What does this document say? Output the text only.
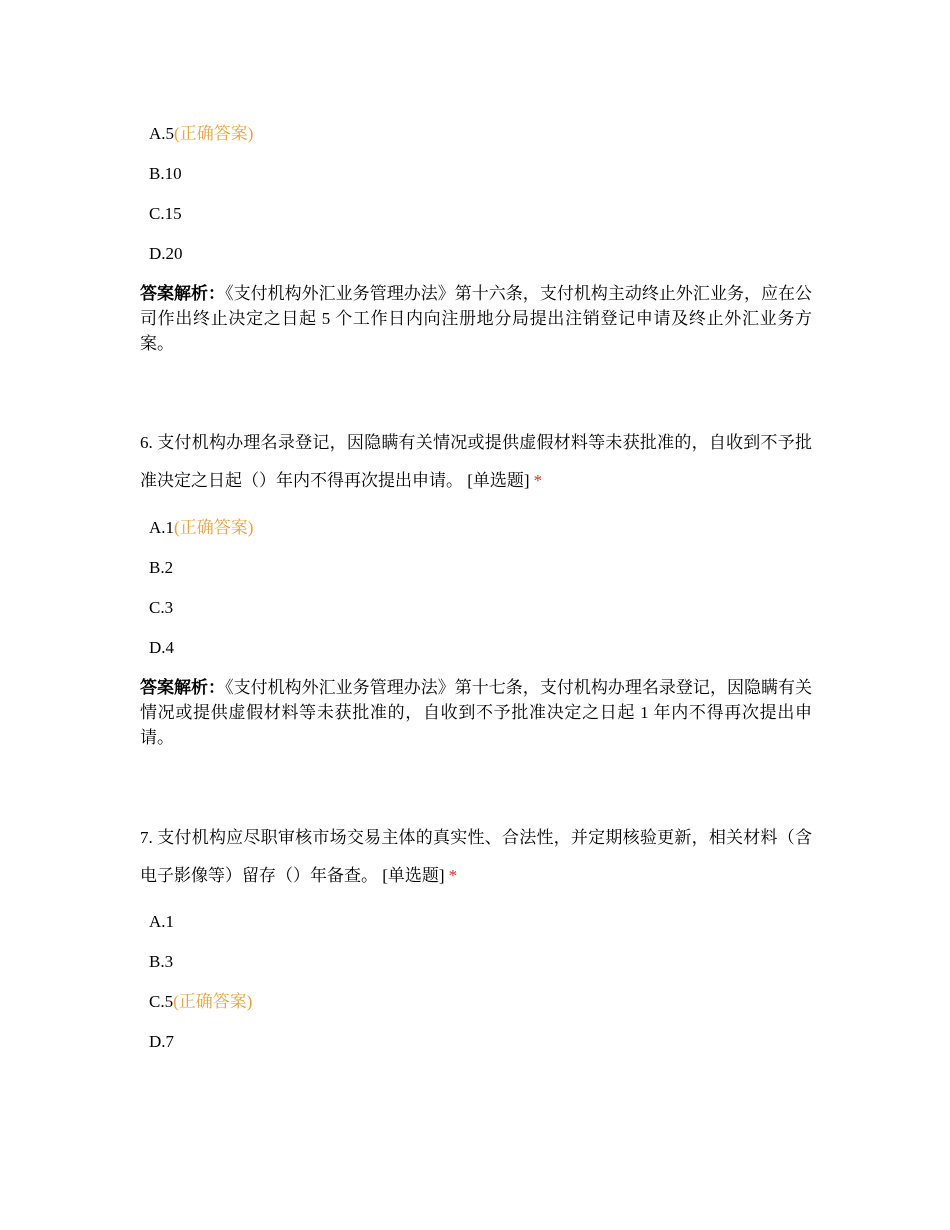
A.5(正确答案)
B.10
C.15
D.20
答案解析：《支付机构外汇业务管理办法》第十六条，支付机构主动终止外汇业务，应在公司作出终止决定之日起 5 个工作日内向注册地分局提出注销登记申请及终止外汇业务方案。
6. 支付机构办理名录登记，因隐瞒有关情况或提供虚假材料等未获批准的，自收到不予批准决定之日起（）年内不得再次提出申请。 [单选题] *
A.1(正确答案)
B.2
C.3
D.4
答案解析：《支付机构外汇业务管理办法》第十七条，支付机构办理名录登记，因隐瞒有关情况或提供虚假材料等未获批准的，自收到不予批准决定之日起 1 年内不得再次提出申请。
7. 支付机构应尽职审核市场交易主体的真实性、合法性，并定期核验更新，相关材料（含电子影像等）留存（）年备查。 [单选题] *
A.1
B.3
C.5(正确答案)
D.7
